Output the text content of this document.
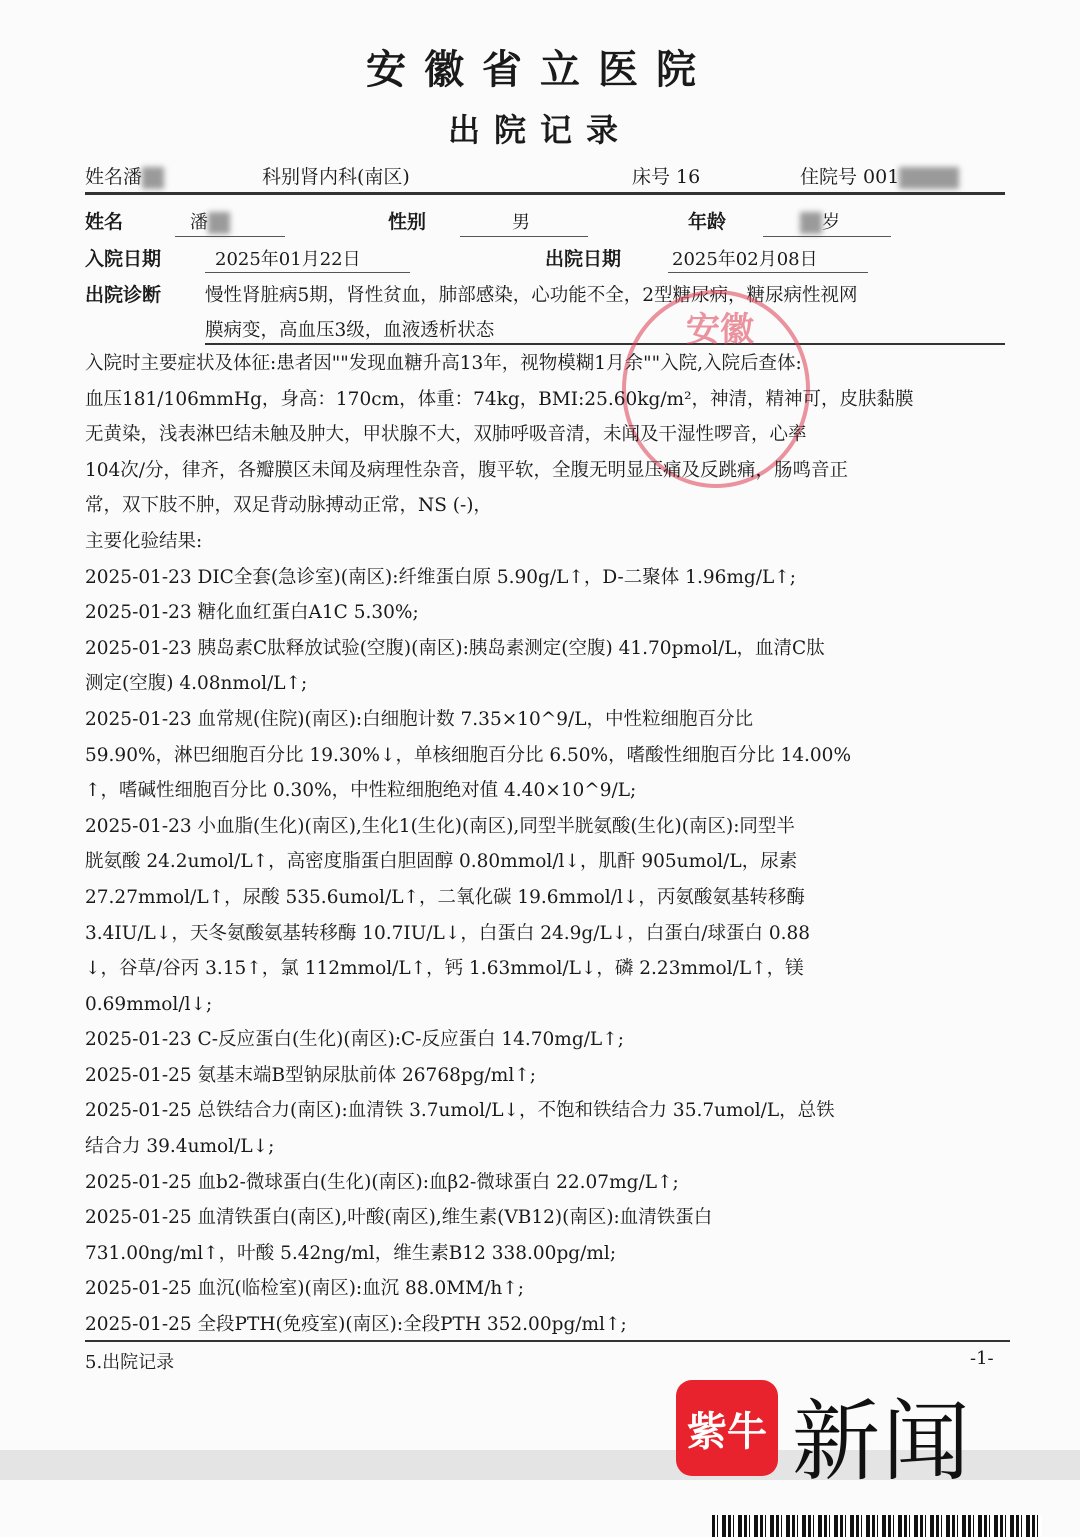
安徽省立医院
出院记录
姓名潘	科别肾内科(南区)	床号 16	住院号 001
姓名	潘	性别	男	年龄	岁
入院日期	2025年01月22日	出院日期	2025年02月08日
出院诊断 慢性肾脏病5期，肾性贫血，肺部感染，心功能不全，2型糖尿病，糖尿病性视网
膜病变，高血压3级，血液透析状态	安徽
入院时主要症状及体征:患者因""发现血糖升高13年，视物模糊1月余""入院,入院后查体:
血压181/106mmHg，身高：170cm，体重：74kg，BMI:25.60kg/m²，神清，精神可，皮肤黏膜
无黄染，浅表淋巴结未触及肿大，甲状腺不大，双肺呼吸音清，未闻及干湿性啰音，心率
104次/分，律齐，各瓣膜区未闻及病理性杂音，腹平软，全腹无明显压痛及反跳痛，肠鸣音正
常，双下肢不肿，双足背动脉搏动正常，NS (-)，
主要化验结果:
2025-01-23 DIC全套(急诊室)(南区):纤维蛋白原 5.90g/L↑，D-二聚体 1.96mg/L↑;
2025-01-23 糖化血红蛋白A1C 5.30%;
2025-01-23 胰岛素C肽释放试验(空腹)(南区):胰岛素测定(空腹) 41.70pmol/L，血清C肽
测定(空腹) 4.08nmol/L↑;
2025-01-23 血常规(住院)(南区):白细胞计数 7.35×10^9/L，中性粒细胞百分比
59.90%，淋巴细胞百分比 19.30%↓，单核细胞百分比 6.50%，嗜酸性细胞百分比 14.00%
↑，嗜碱性细胞百分比 0.30%，中性粒细胞绝对值 4.40×10^9/L;
2025-01-23 小血脂(生化)(南区),生化1(生化)(南区),同型半胱氨酸(生化)(南区):同型半
胱氨酸 24.2umol/L↑，高密度脂蛋白胆固醇 0.80mmol/l↓，肌酐 905umol/L，尿素
27.27mmol/L↑，尿酸 535.6umol/L↑，二氧化碳 19.6mmol/l↓，丙氨酸氨基转移酶
3.4IU/L↓，天冬氨酸氨基转移酶 10.7IU/L↓，白蛋白 24.9g/L↓，白蛋白/球蛋白 0.88
↓，谷草/谷丙 3.15↑，氯 112mmol/L↑，钙 1.63mmol/L↓，磷 2.23mmol/L↑，镁
0.69mmol/l↓;
2025-01-23 C-反应蛋白(生化)(南区):C-反应蛋白 14.70mg/L↑;
2025-01-25 氨基末端B型钠尿肽前体 26768pg/ml↑;
2025-01-25 总铁结合力(南区):血清铁 3.7umol/L↓，不饱和铁结合力 35.7umol/L，总铁
结合力 39.4umol/L↓;
2025-01-25 血b2-微球蛋白(生化)(南区):血β2-微球蛋白 22.07mg/L↑;
2025-01-25 血清铁蛋白(南区),叶酸(南区),维生素(VB12)(南区):血清铁蛋白
731.00ng/ml↑，叶酸 5.42ng/ml，维生素B12 338.00pg/ml;
2025-01-25 血沉(临检室)(南区):血沉 88.0MM/h↑;
2025-01-25 全段PTH(免疫室)(南区):全段PTH 352.00pg/ml↑;
5.出院记录	-1-
紫牛 新闻
